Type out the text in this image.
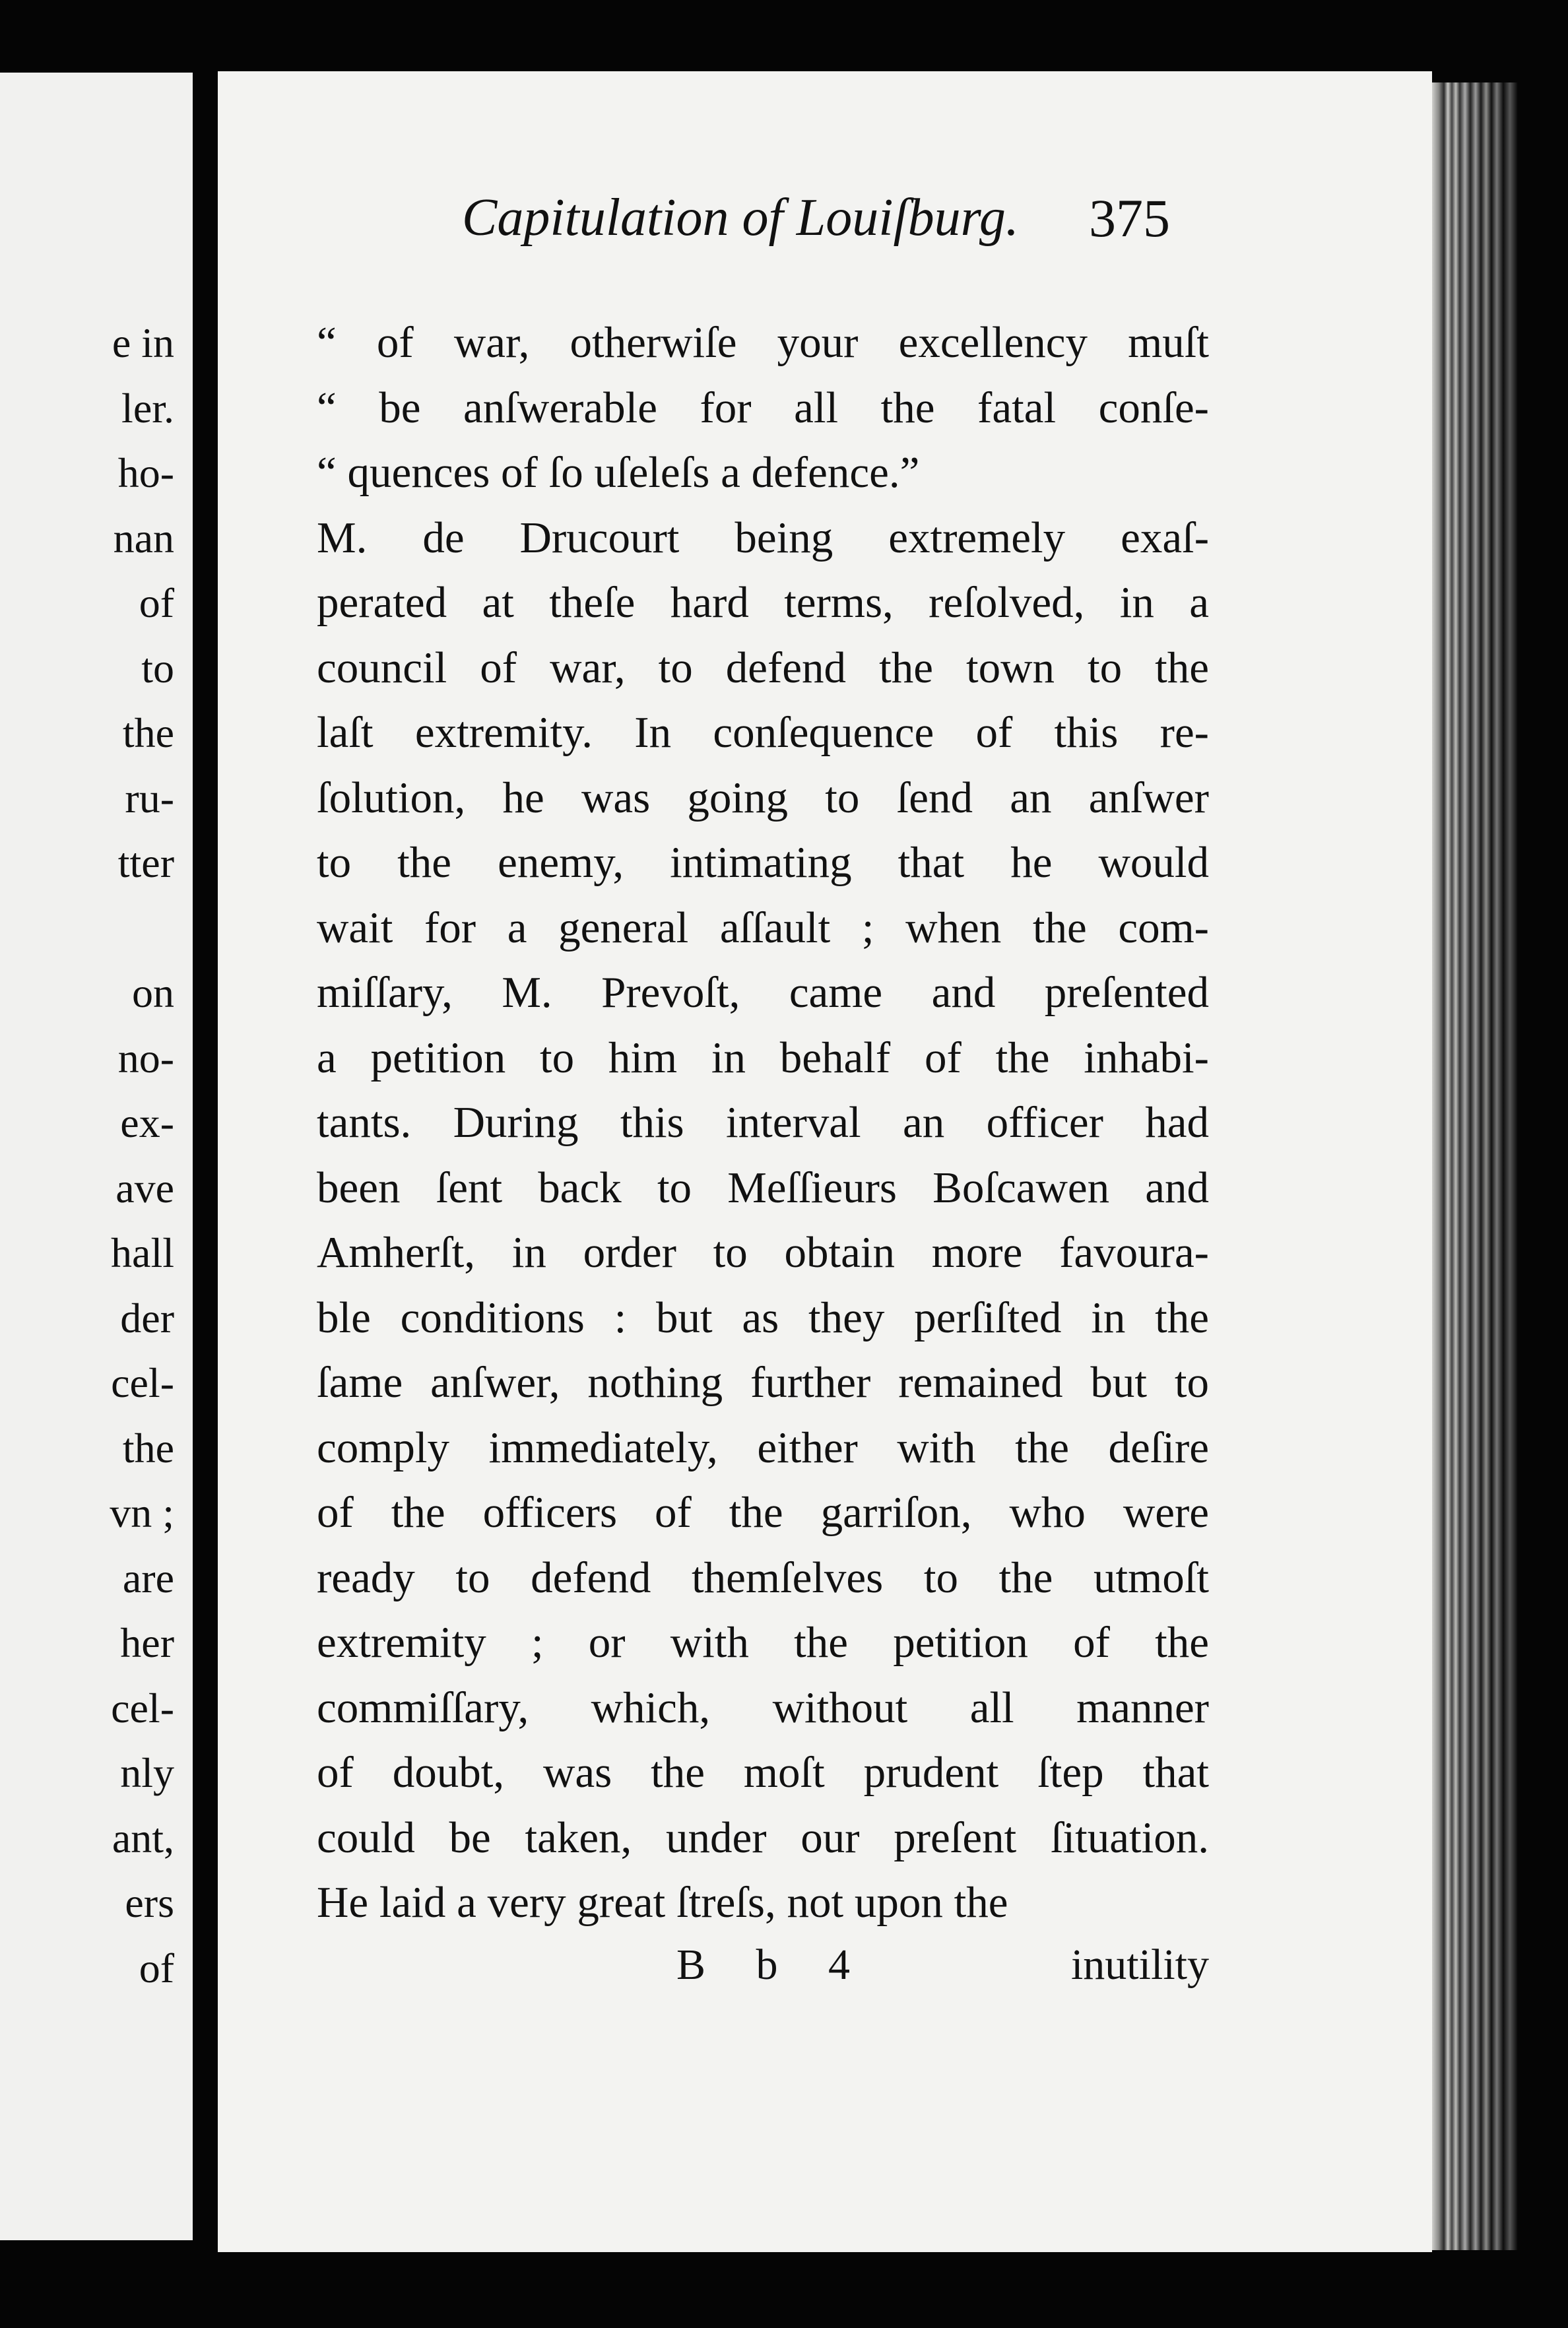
e in

ler.

ho-

nan

of

to

the

ru-

tter

on

no-

ex-

ave

hall

der

cel-

the

vn ;

are

her

cel-

nly

ant,

ers

of

Capitulation of Louiſburg. 375

“ of war, otherwiſe your excellency muſt

“ be anſwerable for all the fatal conſe-

“ quences of ſo uſeleſs a defence.”

M. de Drucourt being extremely exaſ-

perated at theſe hard terms, reſolved, in a

council of war, to defend the town to the

laſt extremity. In conſequence of this re-

ſolution, he was going to ſend an anſwer

to the enemy, intimating that he would

wait for a general aſſault ; when the com-

miſſary, M. Prevoſt, came and preſented

a petition to him in behalf of the inhabi-

tants. During this interval an officer had

been ſent back to Meſſieurs Boſcawen and

Amherſt, in order to obtain more favoura-

ble conditions : but as they perſiſted in the

ſame anſwer, nothing further remained but to

comply immediately, either with the deſire

of the officers of the garriſon, who were

ready to defend themſelves to the utmoſt

extremity ; or with the petition of the

commiſſary, which, without all manner

of doubt, was the moſt prudent ſtep that

could be taken, under our preſent ſituation.

He laid a very great ſtreſs, not upon the

B b 4	inutility
